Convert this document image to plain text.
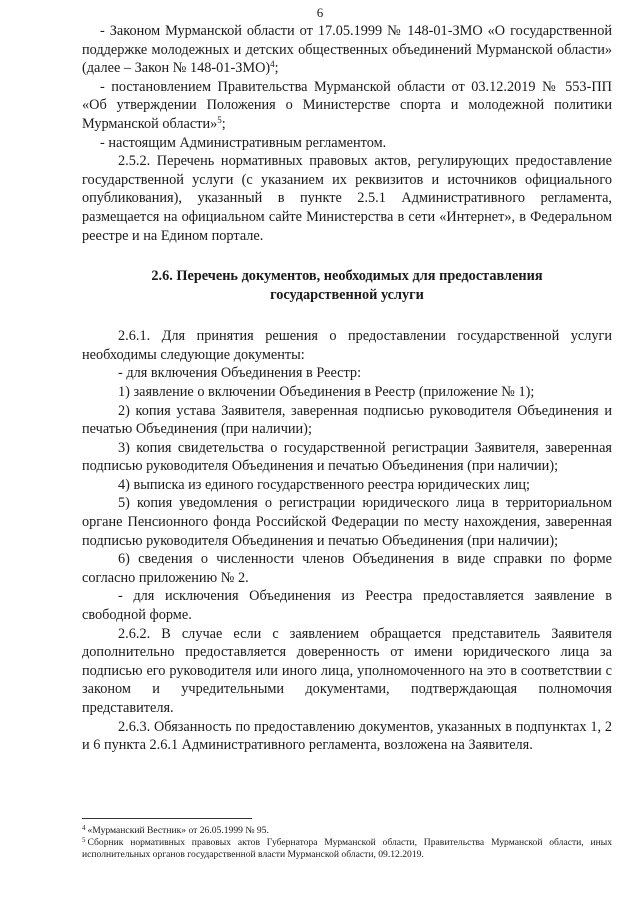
6

- Законом Мурманской области от 17.05.1999 № 148-01-ЗМО «О государственной поддержке молодежных и детских общественных объединений Мурманской области» (далее – Закон № 148-01-ЗМО)$^4$;

- постановлением Правительства Мурманской области от 03.12.2019 № 553-ПП «Об утверждении Положения о Министерстве спорта и молодежной политики Мурманской области»$^5$;

- настоящим Административным регламентом.

2.5.2. Перечень нормативных правовых актов, регулирующих предоставление государственной услуги (с указанием их реквизитов и источников официального опубликования), указанный в пункте 2.5.1 Административного регламента, размещается на официальном сайте Министерства в сети «Интернет», в Федеральном реестре и на Едином портале.

2.6. Перечень документов, необходимых для предоставления
государственной услуги

2.6.1. Для принятия решения о предоставлении государственной услуги необходимы следующие документы:

- для включения Объединения в Реестр:

1) заявление о включении Объединения в Реестр (приложение № 1);

2) копия устава Заявителя, заверенная подписью руководителя Объединения и печатью Объединения (при наличии);

3) копия свидетельства о государственной регистрации Заявителя, заверенная подписью руководителя Объединения и печатью Объединения (при наличии);

4) выписка из единого государственного реестра юридических лиц;

5) копия уведомления о регистрации юридического лица в территориальном органе Пенсионного фонда Российской Федерации по месту нахождения, заверенная подписью руководителя Объединения и печатью Объединения (при наличии);

6) сведения о численности членов Объединения в виде справки по форме согласно приложению № 2.

- для исключения Объединения из Реестра предоставляется заявление в свободной форме.

2.6.2. В случае если с заявлением обращается представитель Заявителя дополнительно предоставляется доверенность от имени юридического лица за подписью его руководителя или иного лица, уполномоченного на это в соответствии с законом и учредительными документами, подтверждающая полномочия представителя.

2.6.3. Обязанность по предоставлению документов, указанных в подпунктах 1, 2 и 6 пункта 2.6.1 Административного регламента, возложена на Заявителя.

$^4$ «Мурманский Вестник» от 26.05.1999 № 95.
$^5$ Сборник нормативных правовых актов Губернатора Мурманской области, Правительства Мурманской области, иных исполнительных органов государственной власти Мурманской области, 09.12.2019.
